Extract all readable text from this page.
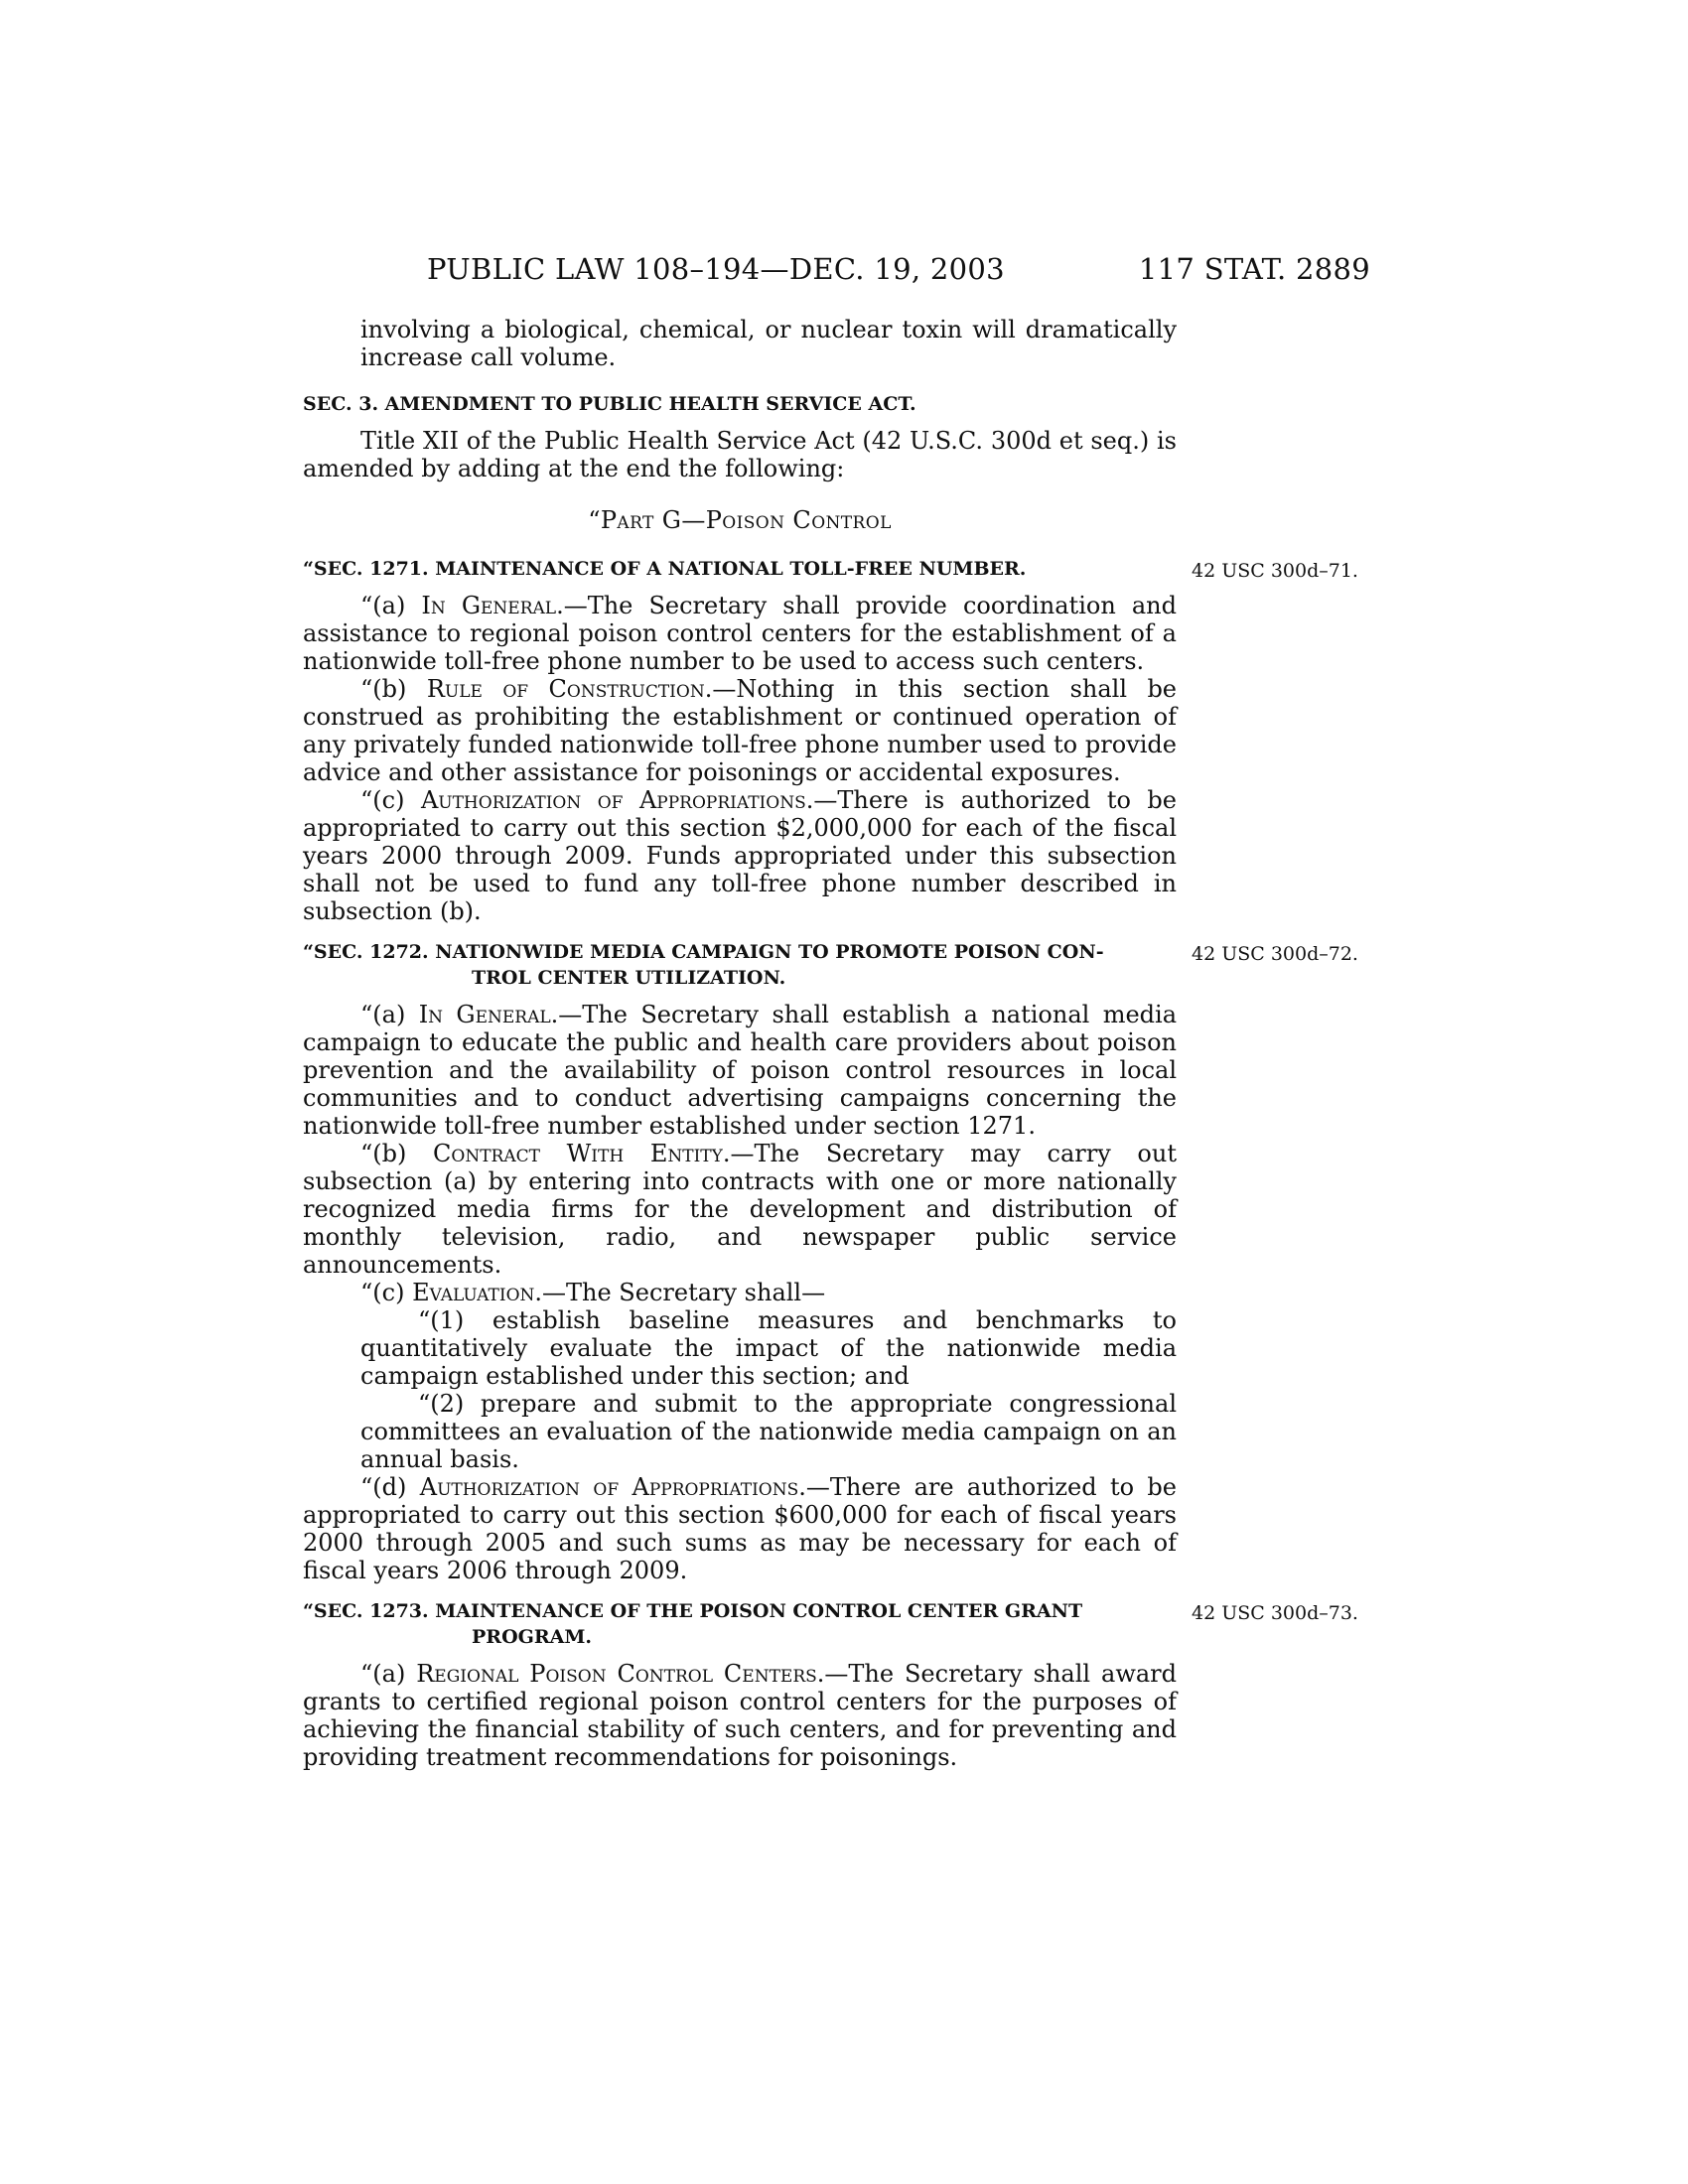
PUBLIC LAW 108–194—DEC. 19, 2003	117 STAT. 2889

involving a biological, chemical, or nuclear toxin will dramatically increase call volume.

SEC. 3. AMENDMENT TO PUBLIC HEALTH SERVICE ACT.

Title XII of the Public Health Service Act (42 U.S.C. 300d et seq.) is amended by adding at the end the following:

“Part G—Poison Control
“SEC. 1271. MAINTENANCE OF A NATIONAL TOLL-FREE NUMBER.	42 USC 300d–71.

“(a) In General.—The Secretary shall provide coordination and assistance to regional poison control centers for the establishment of a nationwide toll-free phone number to be used to access such centers.

“(b) Rule of Construction.—Nothing in this section shall be construed as prohibiting the establishment or continued operation of any privately funded nationwide toll-free phone number used to provide advice and other assistance for poisonings or accidental exposures.

“(c) Authorization of Appropriations.—There is authorized to be appropriated to carry out this section $2,000,000 for each of the fiscal years 2000 through 2009. Funds appropriated under this subsection shall not be used to fund any toll-free phone number described in subsection (b).

“SEC. 1272. NATIONWIDE MEDIA CAMPAIGN TO PROMOTE POISON CON-
TROL CENTER UTILIZATION.
42 USC 300d–72.

“(a) In General.—The Secretary shall establish a national media campaign to educate the public and health care providers about poison prevention and the availability of poison control resources in local communities and to conduct advertising campaigns concerning the nationwide toll-free number established under section 1271.

“(b) Contract With Entity.—The Secretary may carry out subsection (a) by entering into contracts with one or more nationally recognized media firms for the development and distribution of monthly television, radio, and newspaper public service announcements.

“(c) Evaluation.—The Secretary shall—

“(1) establish baseline measures and benchmarks to quantitatively evaluate the impact of the nationwide media campaign established under this section; and

“(2) prepare and submit to the appropriate congressional committees an evaluation of the nationwide media campaign on an annual basis.

“(d) Authorization of Appropriations.—There are authorized to be appropriated to carry out this section $600,000 for each of fiscal years 2000 through 2005 and such sums as may be necessary for each of fiscal years 2006 through 2009.

“SEC. 1273. MAINTENANCE OF THE POISON CONTROL CENTER GRANT
PROGRAM.
42 USC 300d–73.

“(a) Regional Poison Control Centers.—The Secretary shall award grants to certified regional poison control centers for the purposes of achieving the financial stability of such centers, and for preventing and providing treatment recommendations for poisonings.
